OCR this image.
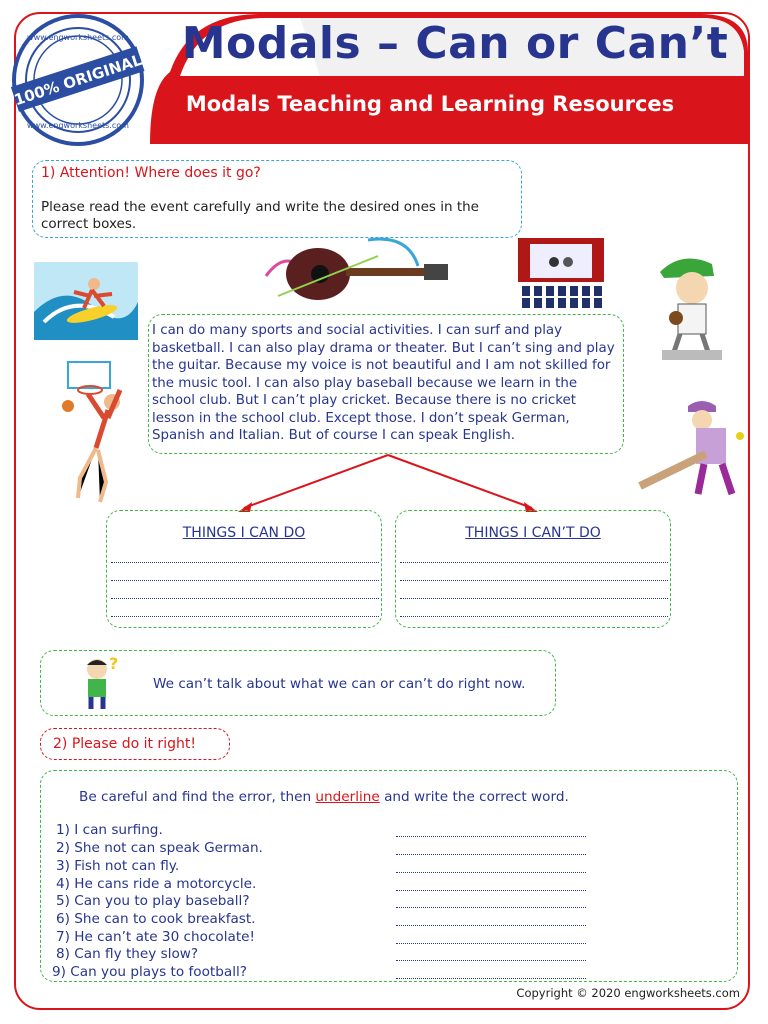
Modals – Can or Can’t
Modals Teaching and Learning Resources
100% ORIGINAL
www.engworksheets.com
www.engworksheets.com
1) Attention! Where does it go?
Please read the event carefully and write the desired ones in the correct boxes.
I can do many sports and social activities. I can surf and play basketball. I can also play drama or theater. But I can’t sing and play the guitar. Because my voice is not beautiful and I am not skilled for the music tool. I can also play baseball because we learn in the school club. But I can’t play cricket. Because there is no cricket lesson in the school club. Except those. I don’t speak German, Spanish and Italian. But of course I can speak English.
THINGS I CAN DO	THINGS I CAN’T DO
?
We can’t talk about what we can or can’t do right now.
2) Please do it right!
Be careful and find the error, then underline and write the correct word.
1) I can surfing.
2) She not can speak German.
3) Fish not can fly.
4) He cans ride a motorcycle.
5) Can you to play baseball?
6) She can to cook breakfast.
7) He can’t ate 30 chocolate!
8) Can fly they slow?
9) Can you plays to football?
Copyright © 2020 engworksheets.com
